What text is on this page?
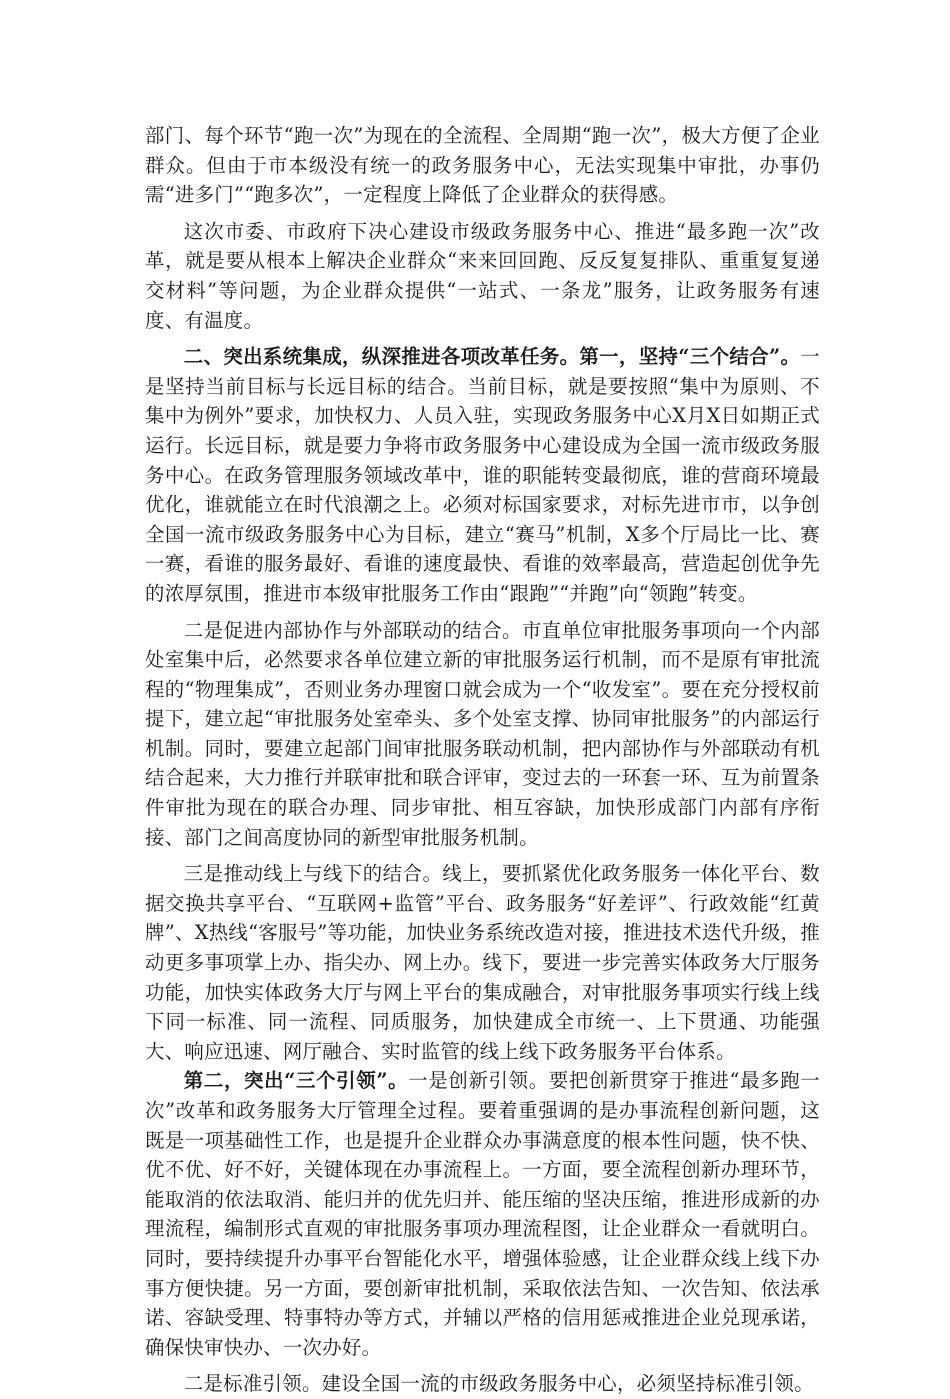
部门、每个环节“跑一次”为现在的全流程、全周期“跑一次”，极大方便了企业群众。但由于市本级没有统一的政务服务中心，无法实现集中审批，办事仍需“进多门”“跑多次”，一定程度上降低了企业群众的获得感。

这次市委、市政府下决心建设市级政务服务中心、推进“最多跑一次”改革，就是要从根本上解决企业群众“来来回回跑、反反复复排队、重重复复递交材料”等问题，为企业群众提供“一站式、一条龙”服务，让政务服务有速度、有温度。

二、突出系统集成，纵深推进各项改革任务。第一，坚持“三个结合”。一是坚持当前目标与长远目标的结合。当前目标，就是要按照“集中为原则、不集中为例外”要求，加快权力、人员入驻，实现政务服务中心X月X日如期正式运行。长远目标，就是要力争将市政务服务中心建设成为全国一流市级政务服务中心。在政务管理服务领域改革中，谁的职能转变最彻底，谁的营商环境最优化，谁就能立在时代浪潮之上。必须对标国家要求，对标先进市市，以争创全国一流市级政务服务中心为目标，建立“赛马”机制，X多个厅局比一比、赛一赛，看谁的服务最好、看谁的速度最快、看谁的效率最高，营造起创优争先的浓厚氛围，推进市本级审批服务工作由“跟跑”“并跑”向“领跑”转变。

二是促进内部协作与外部联动的结合。市直单位审批服务事项向一个内部处室集中后，必然要求各单位建立新的审批服务运行机制，而不是原有审批流程的“物理集成”，否则业务办理窗口就会成为一个“收发室”。要在充分授权前提下，建立起“审批服务处室牵头、多个处室支撑、协同审批服务”的内部运行机制。同时，要建立起部门间审批服务联动机制，把内部协作与外部联动有机结合起来，大力推行并联审批和联合评审，变过去的一环套一环、互为前置条件审批为现在的联合办理、同步审批、相互容缺，加快形成部门内部有序衔接、部门之间高度协同的新型审批服务机制。

三是推动线上与线下的结合。线上，要抓紧优化政务服务一体化平台、数据交换共享平台、“互联网+监管”平台、政务服务“好差评”、行政效能“红黄牌”、X热线“客服号”等功能，加快业务系统改造对接，推进技术迭代升级，推动更多事项掌上办、指尖办、网上办。线下，要进一步完善实体政务大厅服务功能，加快实体政务大厅与网上平台的集成融合，对审批服务事项实行线上线下同一标准、同一流程、同质服务，加快建成全市统一、上下贯通、功能强大、响应迅速、网厅融合、实时监管的线上线下政务服务平台体系。

第二，突出“三个引领”。一是创新引领。要把创新贯穿于推进“最多跑一次”改革和政务服务大厅管理全过程。要着重强调的是办事流程创新问题，这既是一项基础性工作，也是提升企业群众办事满意度的根本性问题，快不快、优不优、好不好，关键体现在办事流程上。一方面，要全流程创新办理环节，能取消的依法取消、能归并的优先归并、能压缩的坚决压缩，推进形成新的办理流程，编制形式直观的审批服务事项办理流程图，让企业群众一看就明白。同时，要持续提升办事平台智能化水平，增强体验感，让企业群众线上线下办事方便快捷。另一方面，要创新审批机制，采取依法告知、一次告知、依法承诺、容缺受理、特事特办等方式，并辅以严格的信用惩戒推进企业兑现承诺，确保快审快办、一次办好。

二是标准引领。建设全国一流的市级政务服务中心，必须坚持标准引领。
